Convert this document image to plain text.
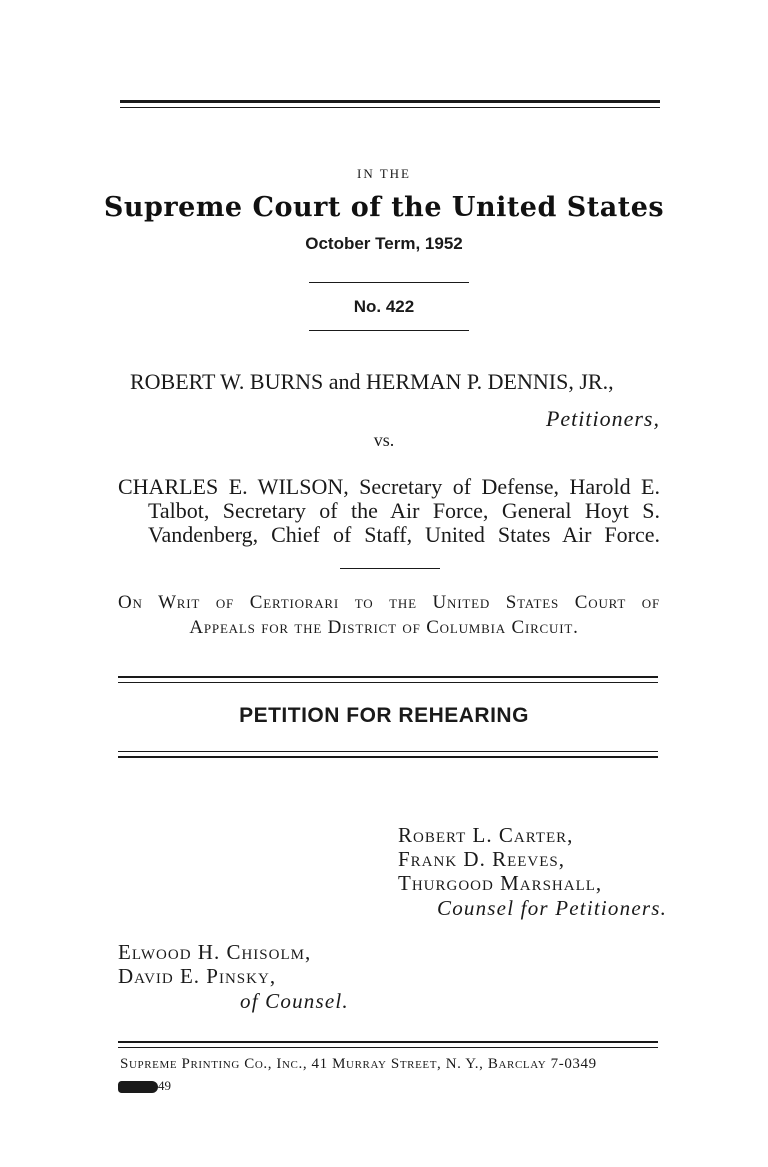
IN THE
Supreme Court of the United States
October Term, 1952
No. 422
ROBERT W. BURNS and HERMAN P. DENNIS, JR.,
Petitioners,
vs.
CHARLES E. WILSON, Secretary of Defense, Harold E.
Talbot, Secretary of the Air Force, General Hoyt S.
Vandenberg, Chief of Staff, United States Air Force.
On Writ of Certiorari to the United States Court of
Appeals for the District of Columbia Circuit.
PETITION FOR REHEARING
Robert L. Carter,
Frank D. Reeves,
Thurgood Marshall,
Counsel for Petitioners.
Elwood H. Chisolm,
David E. Pinsky,
of Counsel.
Supreme Printing Co., Inc., 41 Murray Street, N. Y., Barclay 7-0349
49
